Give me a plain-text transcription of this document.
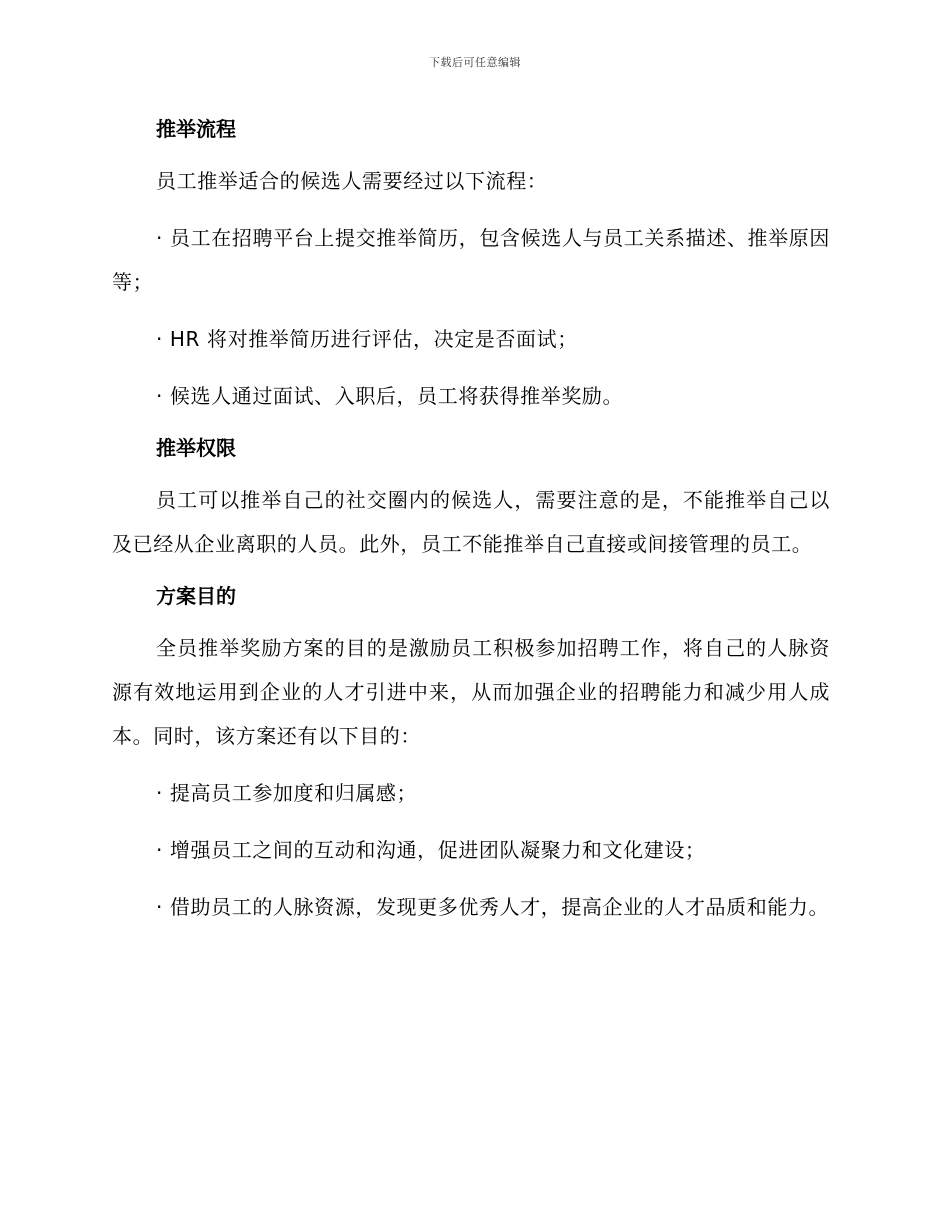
下载后可任意编辑
推举流程

员工推举适合的候选人需要经过以下流程：

· 员工在招聘平台上提交推举简历，包含候选人与员工关系描述、推举原因等；

· HR 将对推举简历进行评估，决定是否面试；

· 候选人通过面试、入职后，员工将获得推举奖励。

推举权限

员工可以推举自己的社交圈内的候选人，需要注意的是，不能推举自己以及已经从企业离职的人员。此外，员工不能推举自己直接或间接管理的员工。

方案目的

全员推举奖励方案的目的是激励员工积极参加招聘工作，将自己的人脉资源有效地运用到企业的人才引进中来，从而加强企业的招聘能力和减少用人成本。同时，该方案还有以下目的：

· 提高员工参加度和归属感；

· 增强员工之间的互动和沟通，促进团队凝聚力和文化建设；

· 借助员工的人脉资源，发现更多优秀人才，提高企业的人才品质和能力。
